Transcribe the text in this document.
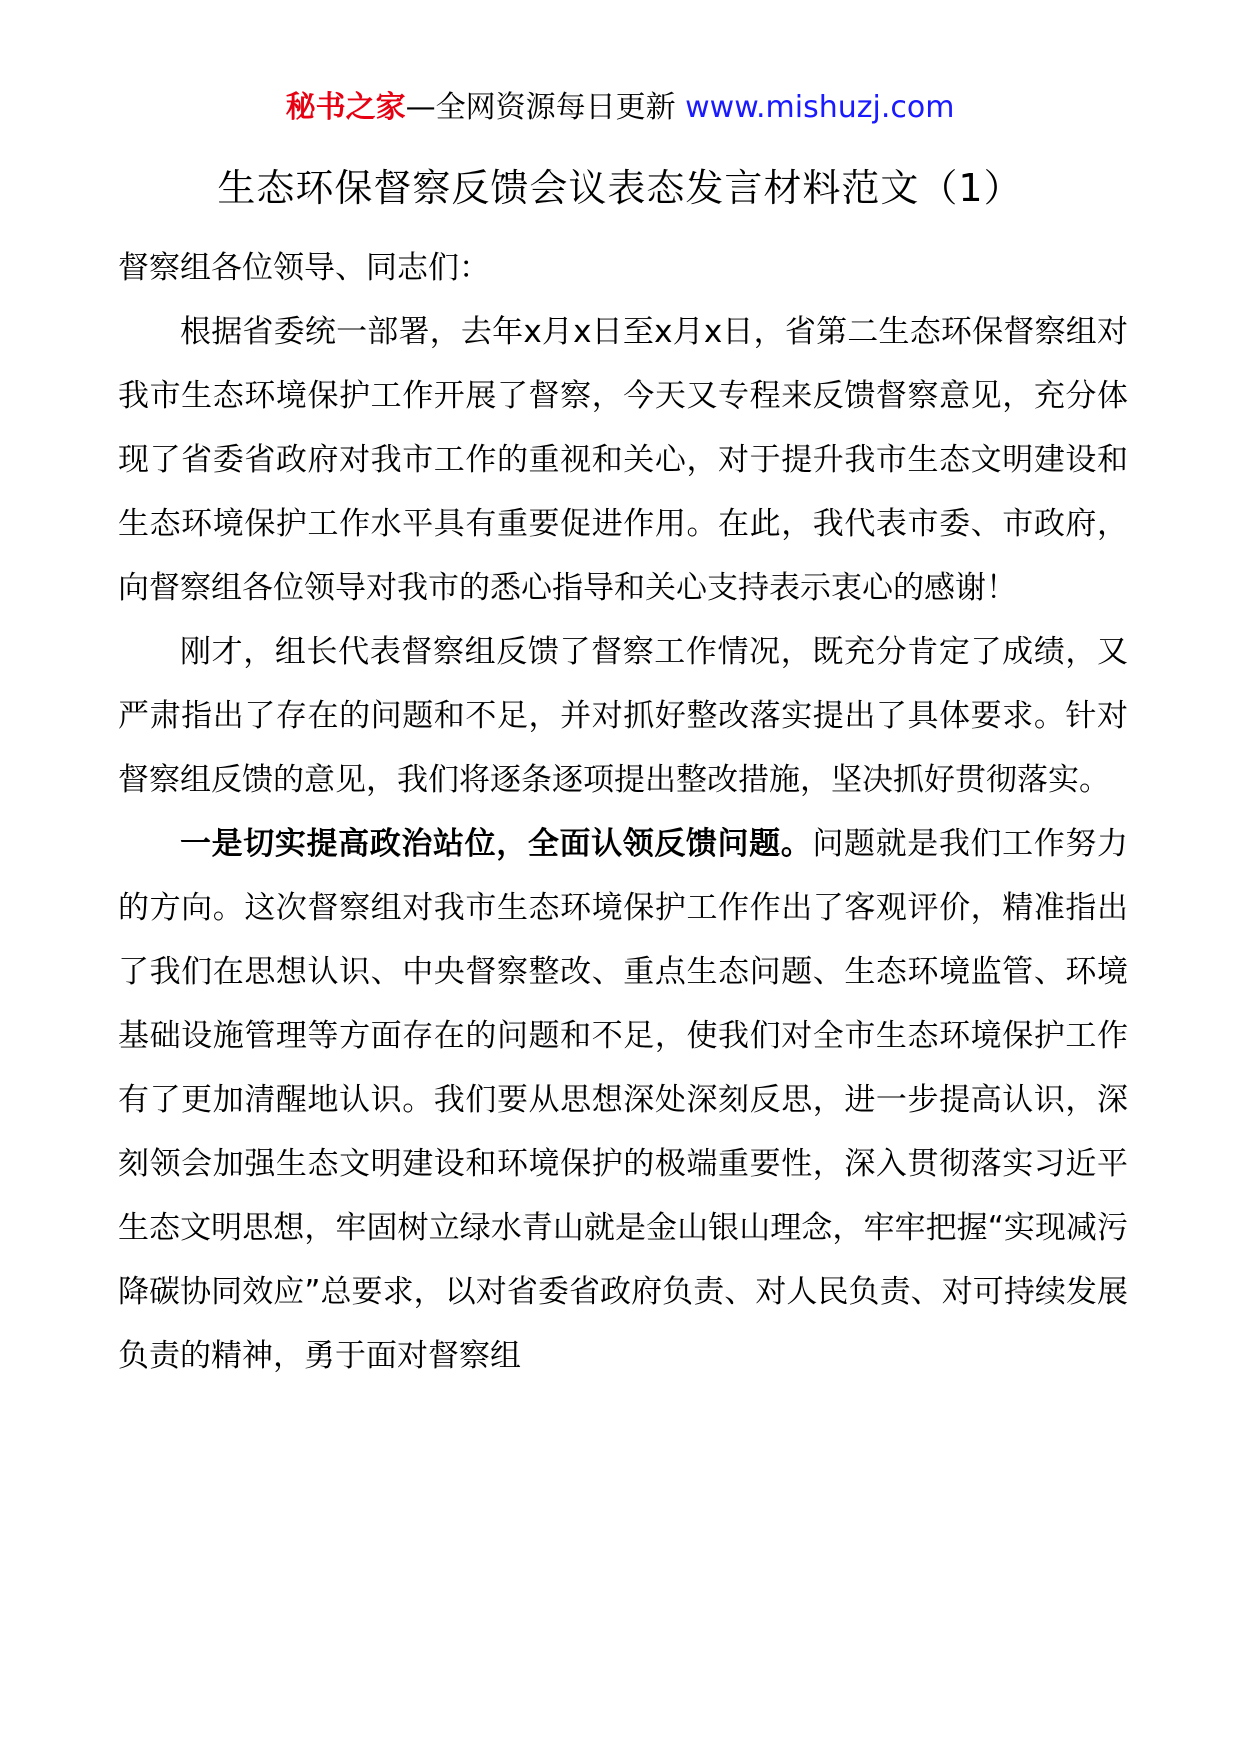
秘书之家—全网资源每日更新 www.mishuzj.com
生态环保督察反馈会议表态发言材料范文（1）

督察组各位领导、同志们：

根据省委统一部署，去年x月x日至x月x日，省第二生态环保督察组对我市生态环境保护工作开展了督察，今天又专程来反馈督察意见，充分体现了省委省政府对我市工作的重视和关心，对于提升我市生态文明建设和生态环境保护工作水平具有重要促进作用。在此，我代表市委、市政府，向督察组各位领导对我市的悉心指导和关心支持表示衷心的感谢！

刚才，组长代表督察组反馈了督察工作情况，既充分肯定了成绩，又严肃指出了存在的问题和不足，并对抓好整改落实提出了具体要求。针对督察组反馈的意见，我们将逐条逐项提出整改措施，坚决抓好贯彻落实。

一是切实提高政治站位，全面认领反馈问题。问题就是我们工作努力的方向。这次督察组对我市生态环境保护工作作出了客观评价，精准指出了我们在思想认识、中央督察整改、重点生态问题、生态环境监管、环境基础设施管理等方面存在的问题和不足，使我们对全市生态环境保护工作有了更加清醒地认识。我们要从思想深处深刻反思，进一步提高认识，深刻领会加强生态文明建设和环境保护的极端重要性，深入贯彻落实习近平生态文明思想，牢固树立绿水青山就是金山银山理念，牢牢把握“实现减污降碳协同效应”总要求，以对省委省政府负责、对人民负责、对可持续发展负责的精神，勇于面对督察组
